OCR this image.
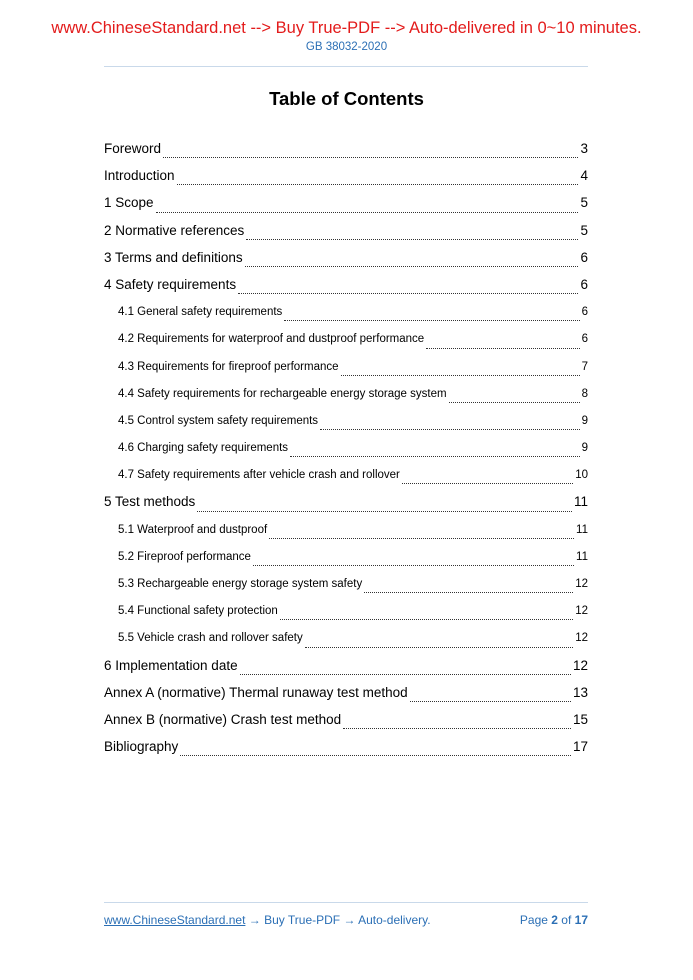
www.ChineseStandard.net --> Buy True-PDF --> Auto-delivered in 0~10 minutes.
GB 38032-2020
Table of Contents
Foreword	3
Introduction	4
1 Scope	5
2 Normative references	5
3 Terms and definitions	6
4 Safety requirements	6
4.1 General safety requirements	6
4.2 Requirements for waterproof and dustproof performance	6
4.3 Requirements for fireproof performance	7
4.4 Safety requirements for rechargeable energy storage system	8
4.5 Control system safety requirements	9
4.6 Charging safety requirements	9
4.7 Safety requirements after vehicle crash and rollover	10
5 Test methods	11
5.1 Waterproof and dustproof	11
5.2 Fireproof performance	11
5.3 Rechargeable energy storage system safety	12
5.4 Functional safety protection	12
5.5 Vehicle crash and rollover safety	12
6 Implementation date	12
Annex A (normative) Thermal runaway test method	13
Annex B (normative) Crash test method	15
Bibliography	17
www.ChineseStandard.net → Buy True-PDF → Auto-delivery.	Page 2 of 17
